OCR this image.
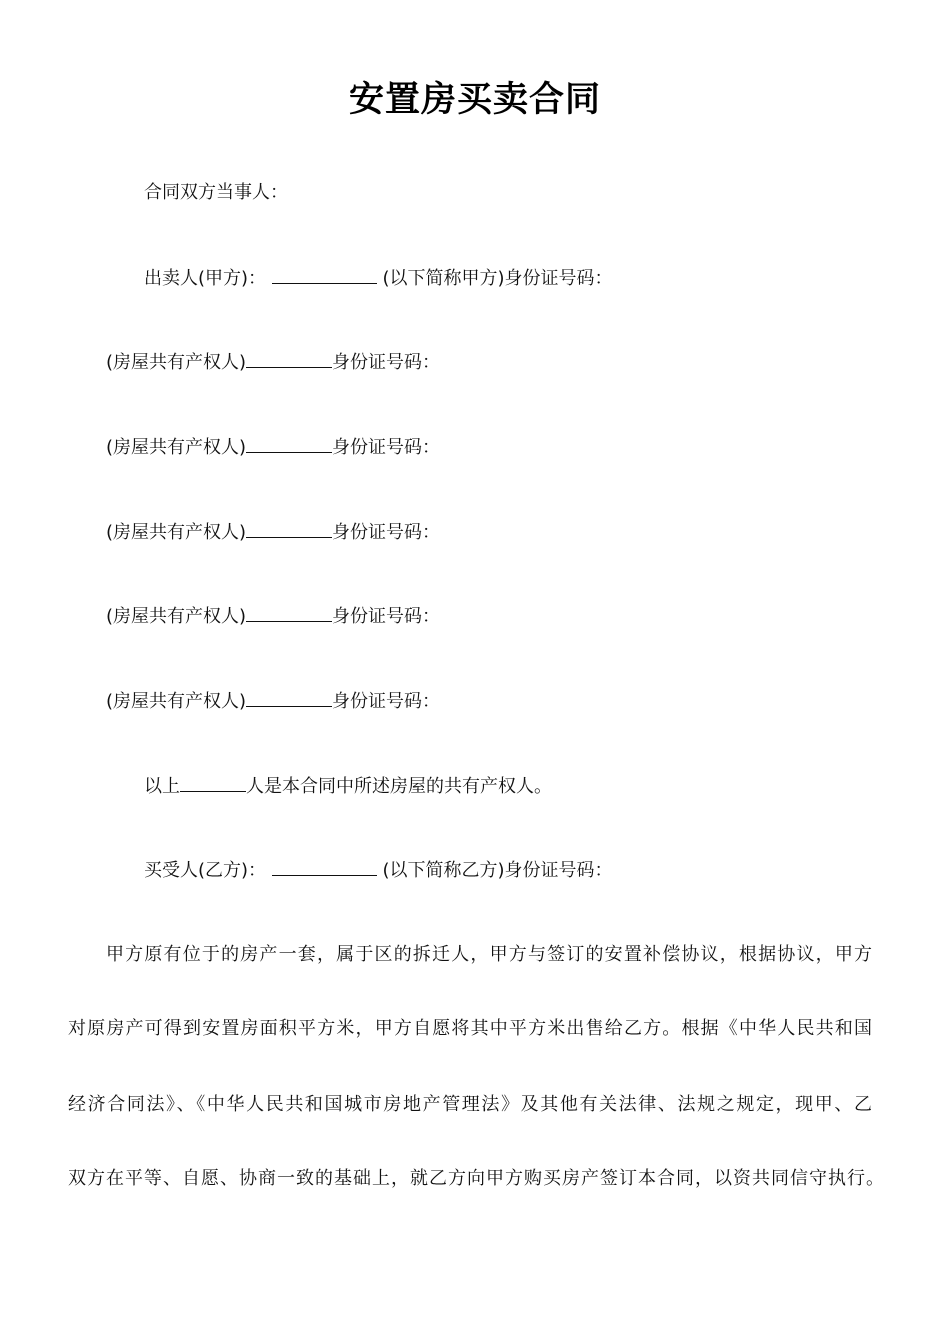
安置房买卖合同
合同双方当事人：
出卖人(甲方)：	(以下简称甲方)身份证号码：
(房屋共有产权人)	身份证号码：
(房屋共有产权人)	身份证号码：
(房屋共有产权人)	身份证号码：
(房屋共有产权人)	身份证号码：
(房屋共有产权人)	身份证号码：
以上	人是本合同中所述房屋的共有产权人。
买受人(乙方)：	(以下简称乙方)身份证号码：
甲方原有位于的房产一套，属于区的拆迁人，甲方与签订的安置补偿协议，根据协议，甲方
对原房产可得到安置房面积平方米，甲方自愿将其中平方米出售给乙方。根据《中华人民共和国
经济合同法》、《中华人民共和国城市房地产管理法》及其他有关法律、法规之规定，现甲、乙
双方在平等、自愿、协商一致的基础上，就乙方向甲方购买房产签订本合同，以资共同信守执行。
